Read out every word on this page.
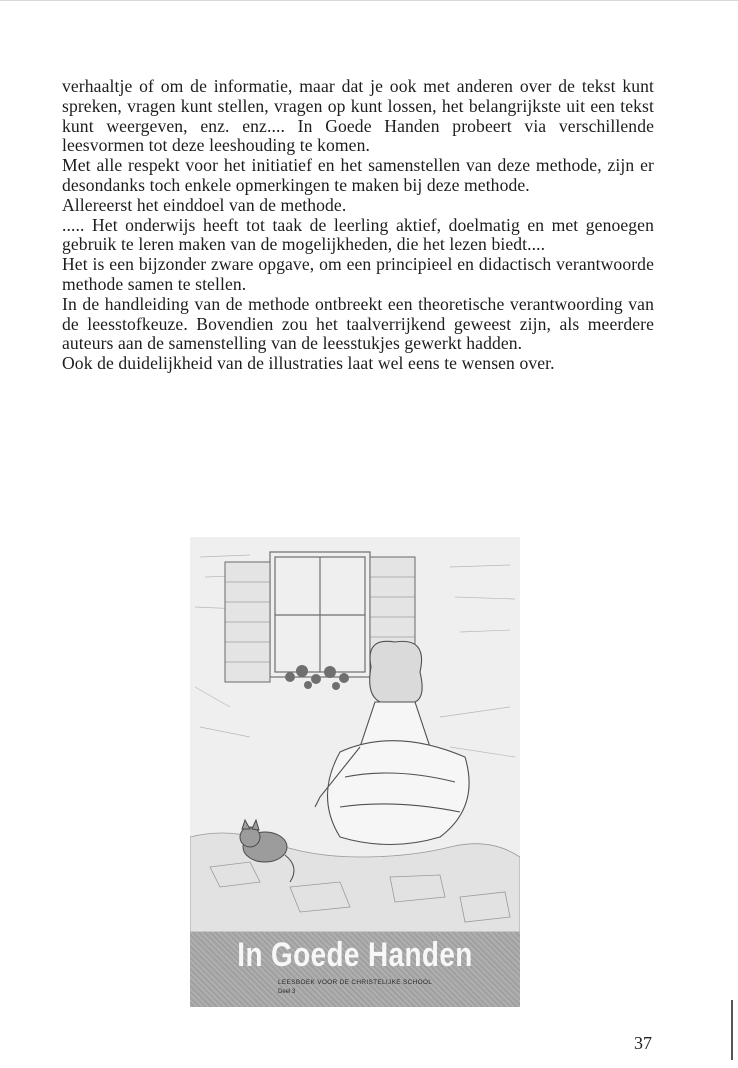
verhaaltje of om de informatie, maar dat je ook met anderen over de tekst kunt spreken, vragen kunt stellen, vragen op kunt lossen, het belangrijkste uit een tekst kunt weergeven, enz. enz.... In Goede Handen probeert via verschillende leesvormen tot deze leeshouding te komen.

Met alle respekt voor het initiatief en het samenstellen van deze methode, zijn er desondanks toch enkele opmerkingen te maken bij deze methode.

Allereerst het einddoel van de methode.

..... Het onderwijs heeft tot taak de leerling aktief, doelmatig en met genoegen gebruik te leren maken van de mogelijkheden, die het lezen biedt....

Het is een bijzonder zware opgave, om een principieel en didactisch verantwoorde methode samen te stellen.

In de handleiding van de methode ontbreekt een theoretische verantwoording van de leesstofkeuze. Bovendien zou het taalverrijkend geweest zijn, als meerdere auteurs aan de samenstelling van de leesstukjes gewerkt hadden.

Ook de duidelijkheid van de illustraties laat wel eens te wensen over.

In Goede Handen
LEESBOEK VOOR DE CHRISTELIJKE SCHOOL
Deel 3
37
